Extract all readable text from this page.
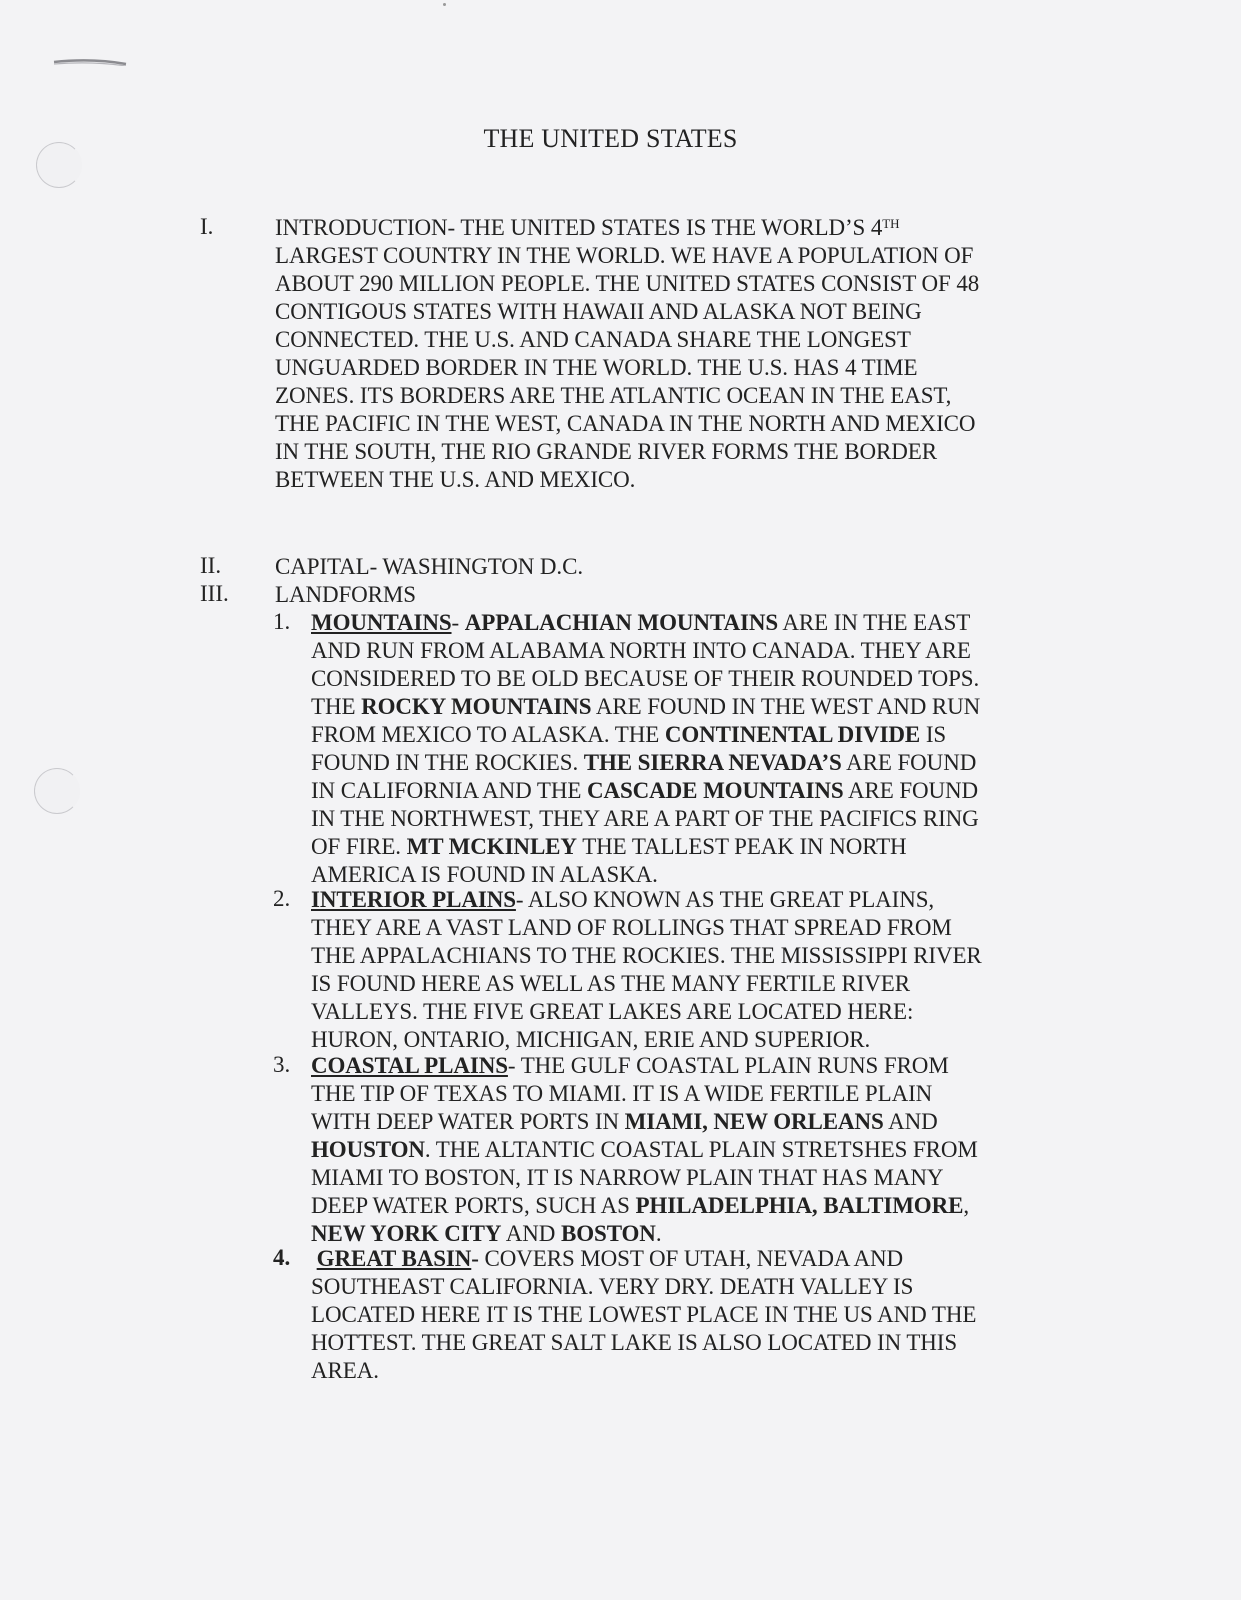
THE UNITED STATES
I.	INTRODUCTION- THE UNITED STATES IS THE WORLD’S 4TH
LARGEST COUNTRY IN THE WORLD. WE HAVE A POPULATION OF
ABOUT 290 MILLION PEOPLE. THE UNITED STATES CONSIST OF 48
CONTIGOUS STATES WITH HAWAII AND ALASKA NOT BEING
CONNECTED. THE U.S. AND CANADA SHARE THE LONGEST
UNGUARDED BORDER IN THE WORLD. THE U.S. HAS 4 TIME
ZONES. ITS BORDERS ARE THE ATLANTIC OCEAN IN THE EAST,
THE PACIFIC IN THE WEST, CANADA IN THE NORTH AND MEXICO
IN THE SOUTH, THE RIO GRANDE RIVER FORMS THE BORDER
BETWEEN THE U.S. AND MEXICO.
II. CAPITAL- WASHINGTON D.C.
III. LANDFORMS
1. MOUNTAINS- APPALACHIAN MOUNTAINS ARE IN THE EAST
AND RUN FROM ALABAMA NORTH INTO CANADA. THEY ARE
CONSIDERED TO BE OLD BECAUSE OF THEIR ROUNDED TOPS.
THE ROCKY MOUNTAINS ARE FOUND IN THE WEST AND RUN
FROM MEXICO TO ALASKA. THE CONTINENTAL DIVIDE IS
FOUND IN THE ROCKIES. THE SIERRA NEVADA’S ARE FOUND
IN CALIFORNIA AND THE CASCADE MOUNTAINS ARE FOUND
IN THE NORTHWEST, THEY ARE A PART OF THE PACIFICS RING
OF FIRE. MT MCKINLEY THE TALLEST PEAK IN NORTH
AMERICA IS FOUND IN ALASKA.
2. INTERIOR PLAINS- ALSO KNOWN AS THE GREAT PLAINS,
THEY ARE A VAST LAND OF ROLLINGS THAT SPREAD FROM
THE APPALACHIANS TO THE ROCKIES. THE MISSISSIPPI RIVER
IS FOUND HERE AS WELL AS THE MANY FERTILE RIVER
VALLEYS. THE FIVE GREAT LAKES ARE LOCATED HERE:
HURON, ONTARIO, MICHIGAN, ERIE AND SUPERIOR.
3. COASTAL PLAINS- THE GULF COASTAL PLAIN RUNS FROM
THE TIP OF TEXAS TO MIAMI. IT IS A WIDE FERTILE PLAIN
WITH DEEP WATER PORTS IN MIAMI, NEW ORLEANS AND
HOUSTON. THE ALTANTIC COASTAL PLAIN STRETSHES FROM
MIAMI TO BOSTON, IT IS NARROW PLAIN THAT HAS MANY
DEEP WATER PORTS, SUCH AS PHILADELPHIA, BALTIMORE,
NEW YORK CITY AND BOSTON.
4. GREAT BASIN- COVERS MOST OF UTAH, NEVADA AND
SOUTHEAST CALIFORNIA. VERY DRY. DEATH VALLEY IS
LOCATED HERE IT IS THE LOWEST PLACE IN THE US AND THE
HOTTEST. THE GREAT SALT LAKE IS ALSO LOCATED IN THIS
AREA.
